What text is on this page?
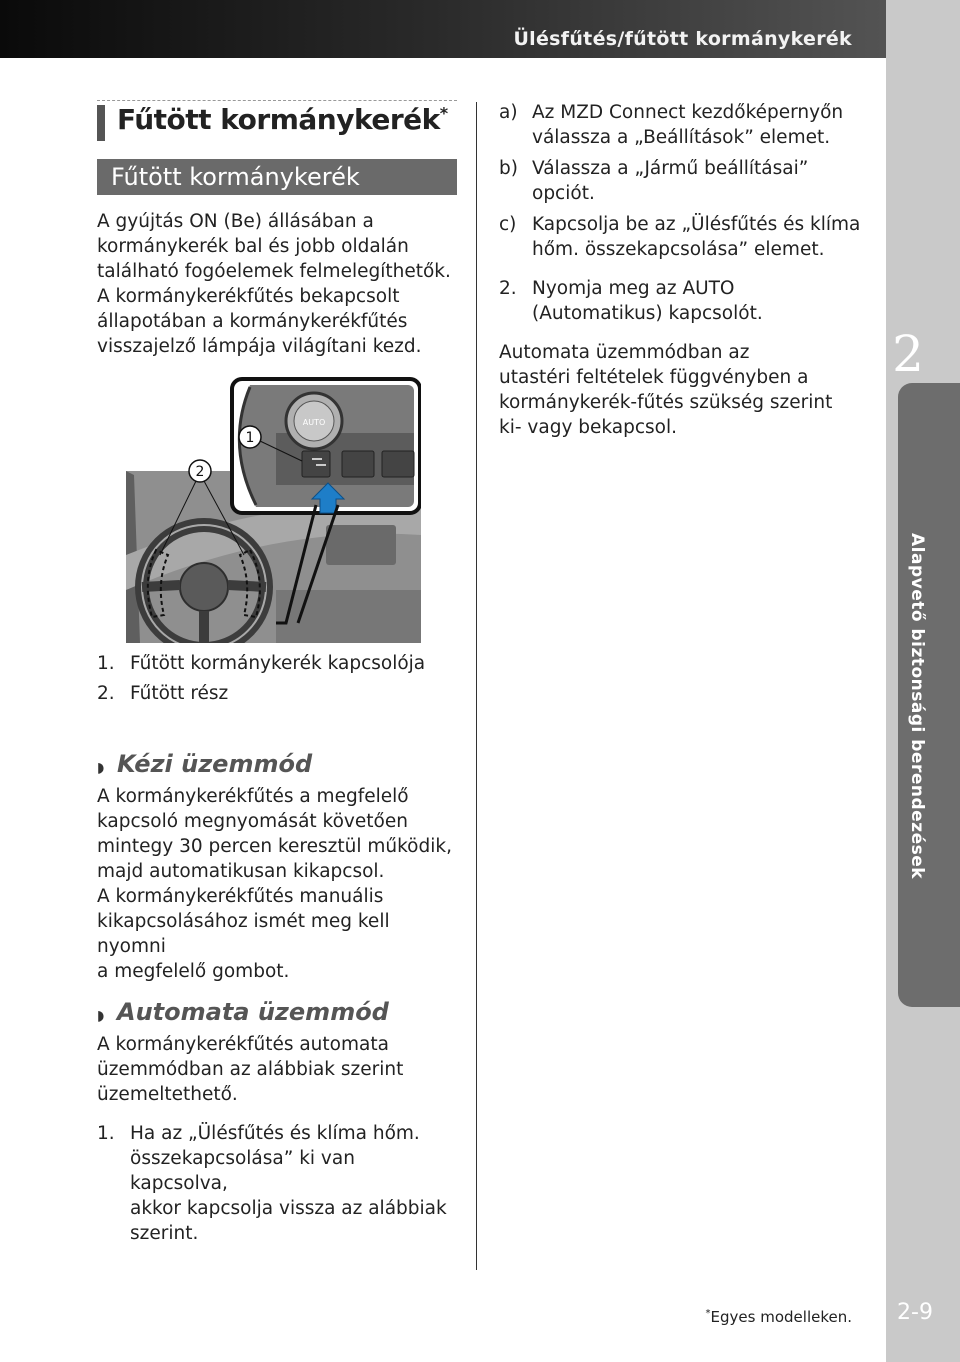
Ülésfűtés/fűtött kormánykerék
2
Alapvető biztonsági berendezések
2-9
*Egyes modelleken.
Fűtött kormánykerék*
Fűtött kormánykerék

A gyújtás ON (Be) állásában a

kormánykerék bal és jobb oldalán

található fogóelemek felmelegíthetők.

A kormánykerékfűtés bekapcsolt

állapotában a kormánykerékfűtés

visszajelző lámpája világítani kezd.

AUTO
1
2
1. Fűtött kormánykerék kapcsolója
2. Fűtött rész
◗ Kézi üzemmód

A kormánykerékfűtés a megfelelő

kapcsoló megnyomását követően

mintegy 30 percen keresztül működik,

majd automatikusan kikapcsol.

A kormánykerékfűtés manuális

kikapcsolásához ismét meg kell nyomni

a megfelelő gombot.

◗ Automata üzemmód

A kormánykerékfűtés automata

üzemmódban az alábbiak szerint

üzemeltethető.

1. Ha az „Ülésfűtés és klíma hőm.
összekapcsolása” ki van kapcsolva,
akkor kapcsolja vissza az alábbiak
szerint.
a) Az MZD Connect kezdőképernyőn
válassza a „Beállítások” elemet.
b) Válassza a „Jármű beállításai” opciót.
c) Kapcsolja be az „Ülésfűtés és klíma
hőm. összekapcsolása” elemet.
2. Nyomja meg az AUTO
(Automatikus) kapcsolót.

Automata üzemmódban az

utastéri feltételek függvényben a

kormánykerék-fűtés szükség szerint

ki- vagy bekapcsol.
